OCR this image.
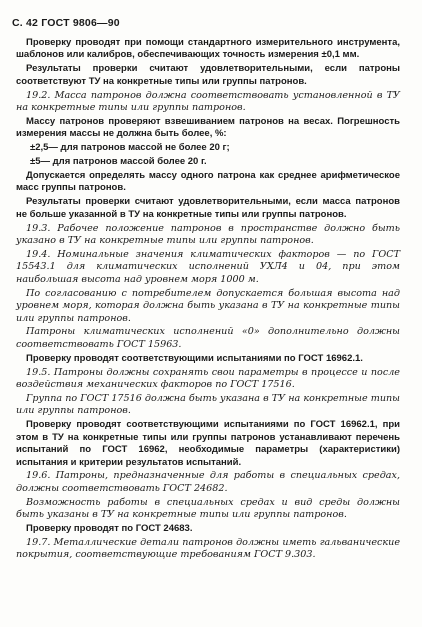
С. 42 ГОСТ 9806—90

Проверку проводят при помощи стандартного измерительного инструмента, шаблонов или калибров, обеспечивающих точность измерения ±0,1 мм.

Результаты проверки считают удовлетворительными, если патроны соответствуют ТУ на конкретные типы или группы патронов.

19.2. Масса патронов должна соответствовать установленной в ТУ на конкретные типы или группы патронов.

Массу патронов проверяют взвешиванием патронов на весах. Погрешность измерения массы не должна быть более, %:

±2,5— для патронов массой не более 20 г;

±5— для патронов массой более 20 г.

Допускается определять массу одного патрона как среднее арифметическое масс группы патронов.

Результаты проверки считают удовлетворительными, если масса патронов не больше указанной в ТУ на конкретные типы или группы патронов.

19.3. Рабочее положение патронов в пространстве должно быть указано в ТУ на конкретные типы или группы патронов.

19.4. Номинальные значения климатических факторов — по ГОСТ 15543.1 для климатических исполнений УХЛ4 и 04, при этом наибольшая высота над уровнем моря 1000 м.

По согласованию с потребителем допускается большая высота над уровнем моря, которая должна быть указана в ТУ на конкретные типы или группы патронов.

Патроны климатических исполнений «0» дополнительно должны соответствовать ГОСТ 15963.

Проверку проводят соответствующими испытаниями по ГОСТ 16962.1.

19.5. Патроны должны сохранять свои параметры в процессе и после воздействия механических факторов по ГОСТ 17516.

Группа по ГОСТ 17516 должна быть указана в ТУ на конкретные типы или группы патронов.

Проверку проводят соответствующими испытаниями по ГОСТ 16962.1, при этом в ТУ на конкретные типы или группы патронов устанавливают перечень испытаний по ГОСТ 16962, необходимые параметры (характеристики) испытания и критерии результатов испытаний.

19.6. Патроны, предназначенные для работы в специальных средах, должны соответствовать ГОСТ 24682.

Возможность работы в специальных средах и вид среды должны быть указаны в ТУ на конкретные типы или группы патронов.

Проверку проводят по ГОСТ 24683.

19.7. Металлические детали патронов должны иметь гальванические покрытия, соответствующие требованиям ГОСТ 9.303.
